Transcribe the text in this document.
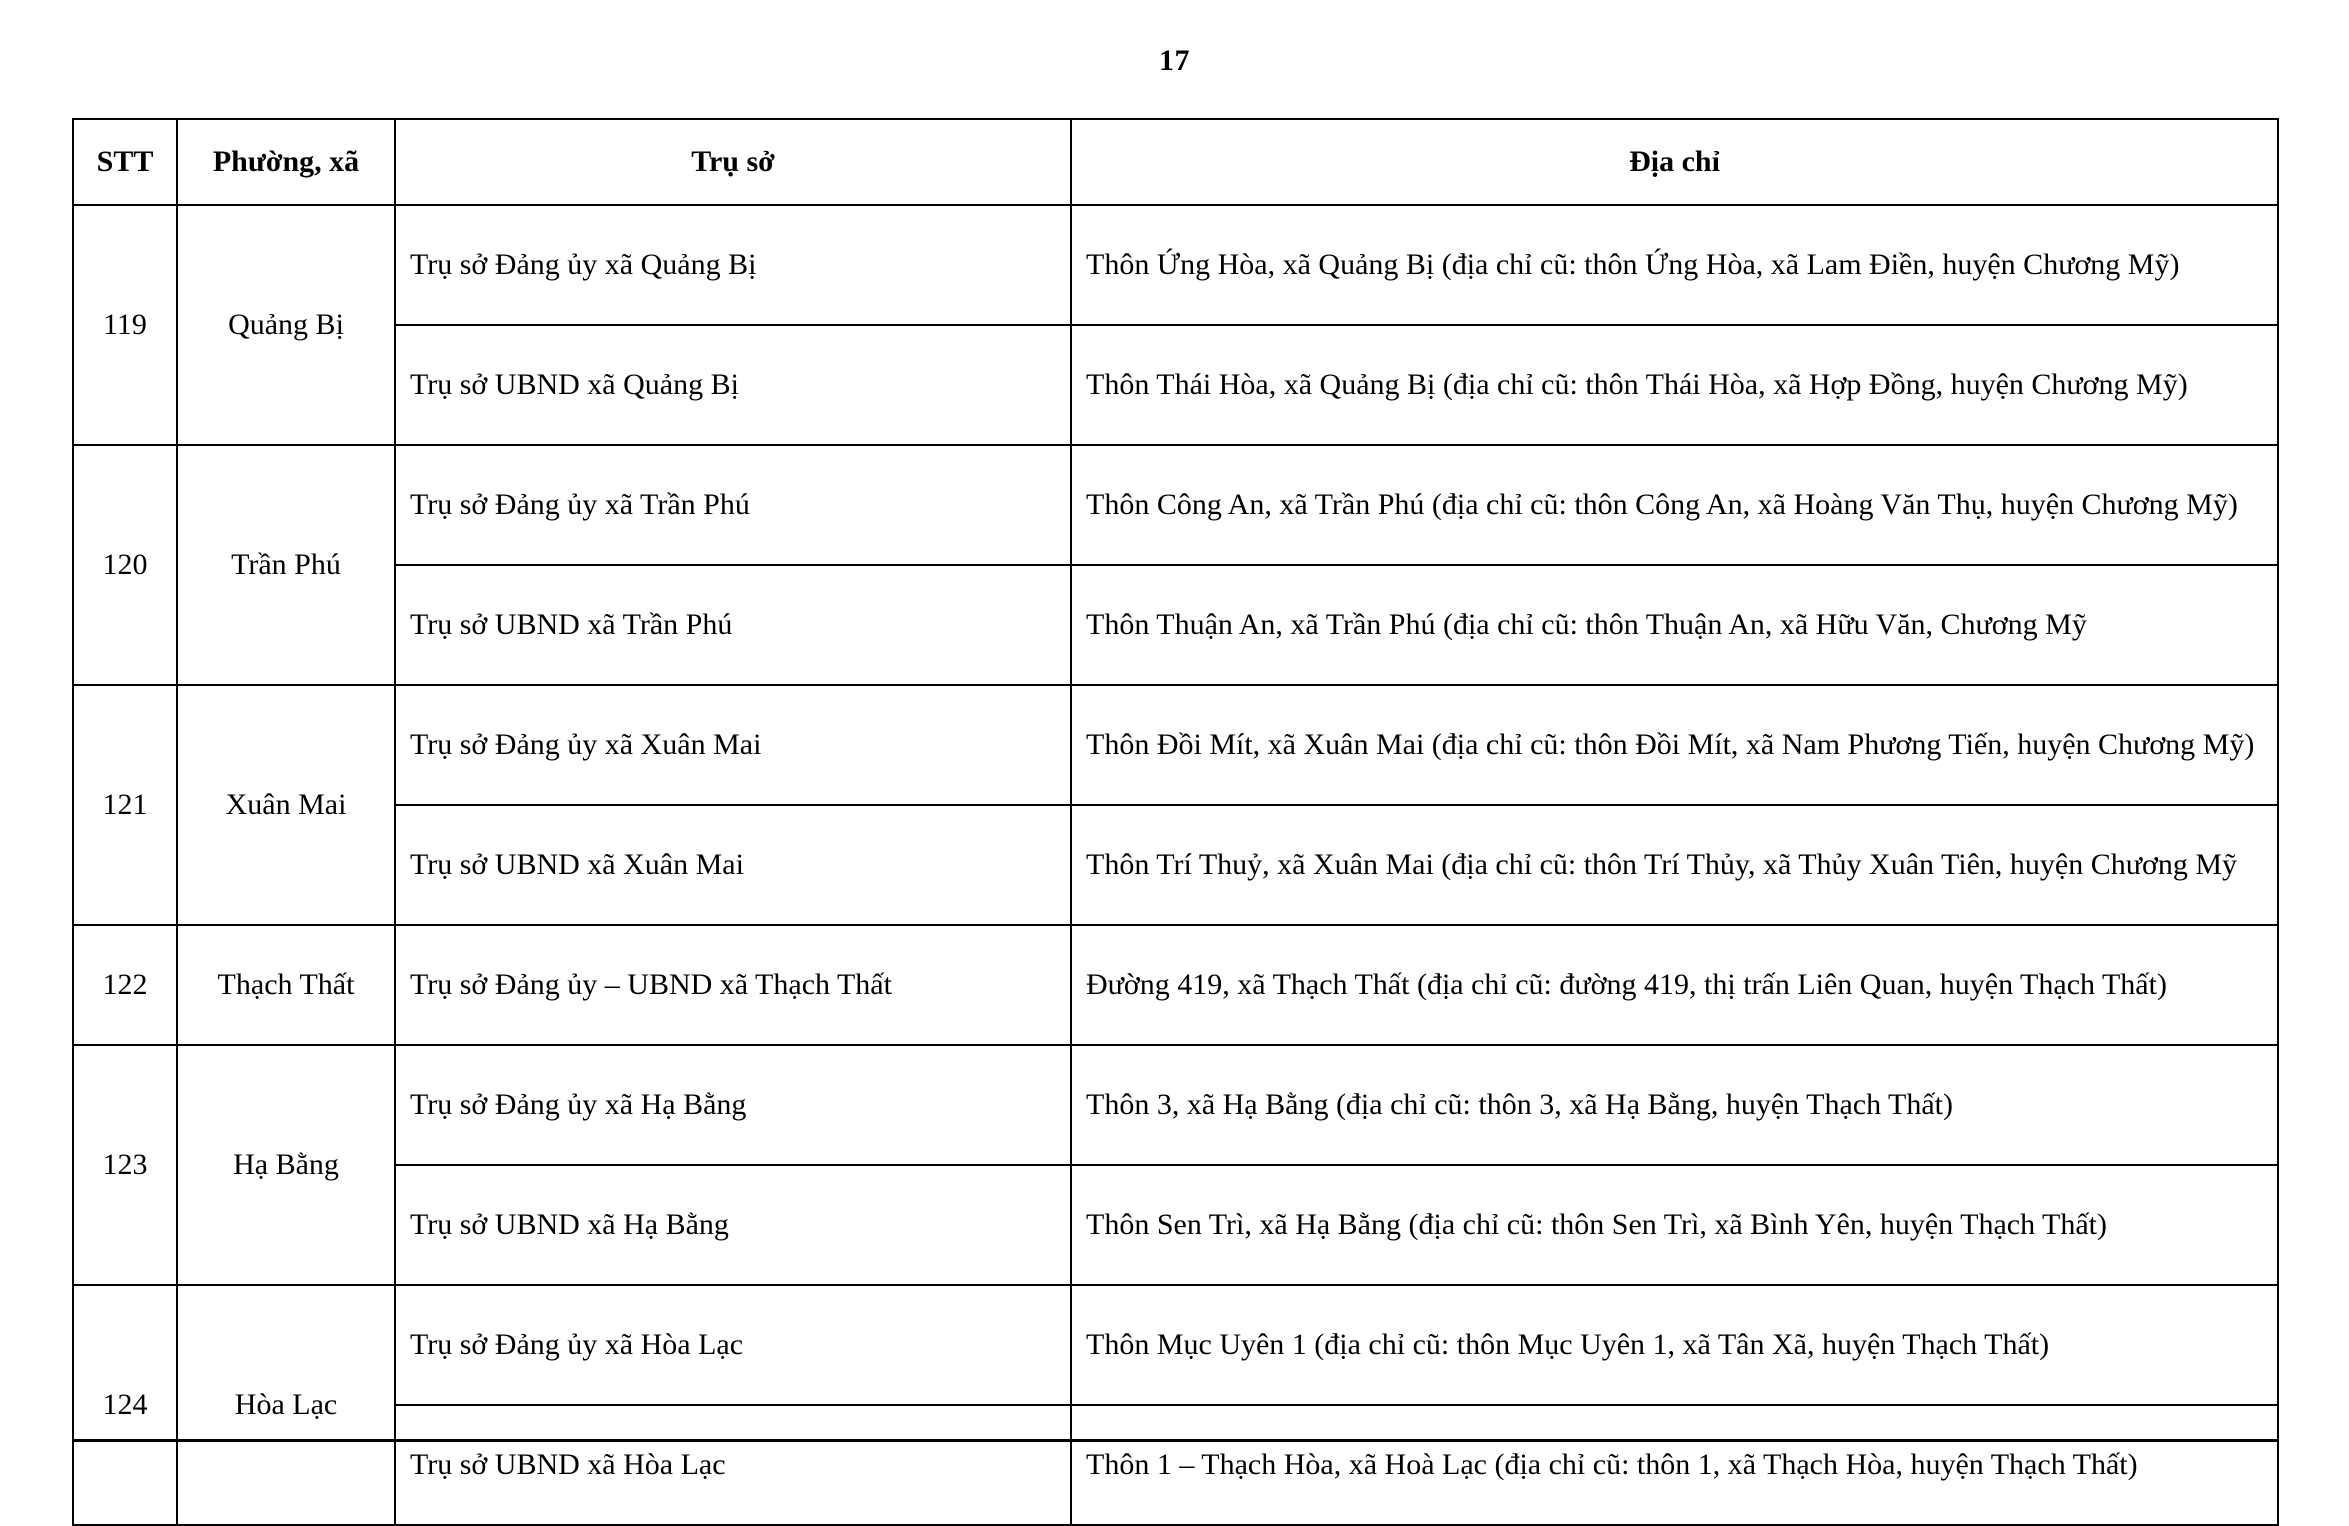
17
STT	Phường, xã	Trụ sở	Địa chỉ
119	Quảng Bị	Trụ sở Đảng ủy xã Quảng Bị	Thôn Ứng Hòa, xã Quảng Bị (địa chỉ cũ: thôn Ứng Hòa, xã Lam Điền, huyện Chương Mỹ)
		Trụ sở UBND xã Quảng Bị	Thôn Thái Hòa, xã Quảng Bị (địa chỉ cũ: thôn Thái Hòa, xã Hợp Đồng, huyện Chương Mỹ)
120	Trần Phú	Trụ sở Đảng ủy xã Trần Phú	Thôn Công An, xã Trần Phú (địa chỉ cũ: thôn Công An, xã Hoàng Văn Thụ, huyện Chương Mỹ)
		Trụ sở UBND xã Trần Phú	Thôn Thuận An, xã Trần Phú (địa chỉ cũ: thôn Thuận An, xã Hữu Văn, Chương Mỹ
121	Xuân Mai	Trụ sở Đảng ủy xã Xuân Mai	Thôn Đồi Mít, xã Xuân Mai (địa chỉ cũ: thôn Đồi Mít, xã Nam Phương Tiến, huyện Chương Mỹ)
		Trụ sở UBND xã Xuân Mai	Thôn Trí Thuỷ, xã Xuân Mai (địa chỉ cũ: thôn Trí Thủy, xã Thủy Xuân Tiên, huyện Chương Mỹ
122	Thạch Thất	Trụ sở Đảng ủy – UBND xã Thạch Thất	Đường 419, xã Thạch Thất (địa chỉ cũ: đường 419, thị trấn Liên Quan, huyện Thạch Thất)
123	Hạ Bằng	Trụ sở Đảng ủy xã Hạ Bằng	Thôn 3, xã Hạ Bằng (địa chỉ cũ: thôn 3, xã Hạ Bằng, huyện Thạch Thất)
		Trụ sở UBND xã Hạ Bằng	Thôn Sen Trì, xã Hạ Bằng (địa chỉ cũ: thôn Sen Trì, xã Bình Yên, huyện Thạch Thất)
124	Hòa Lạc	Trụ sở Đảng ủy xã Hòa Lạc	Thôn Mục Uyên 1 (địa chỉ cũ: thôn Mục Uyên 1, xã Tân Xã, huyện Thạch Thất)
		Trụ sở UBND xã Hòa Lạc	Thôn 1 – Thạch Hòa, xã Hoà Lạc (địa chỉ cũ: thôn 1, xã Thạch Hòa, huyện Thạch Thất)
